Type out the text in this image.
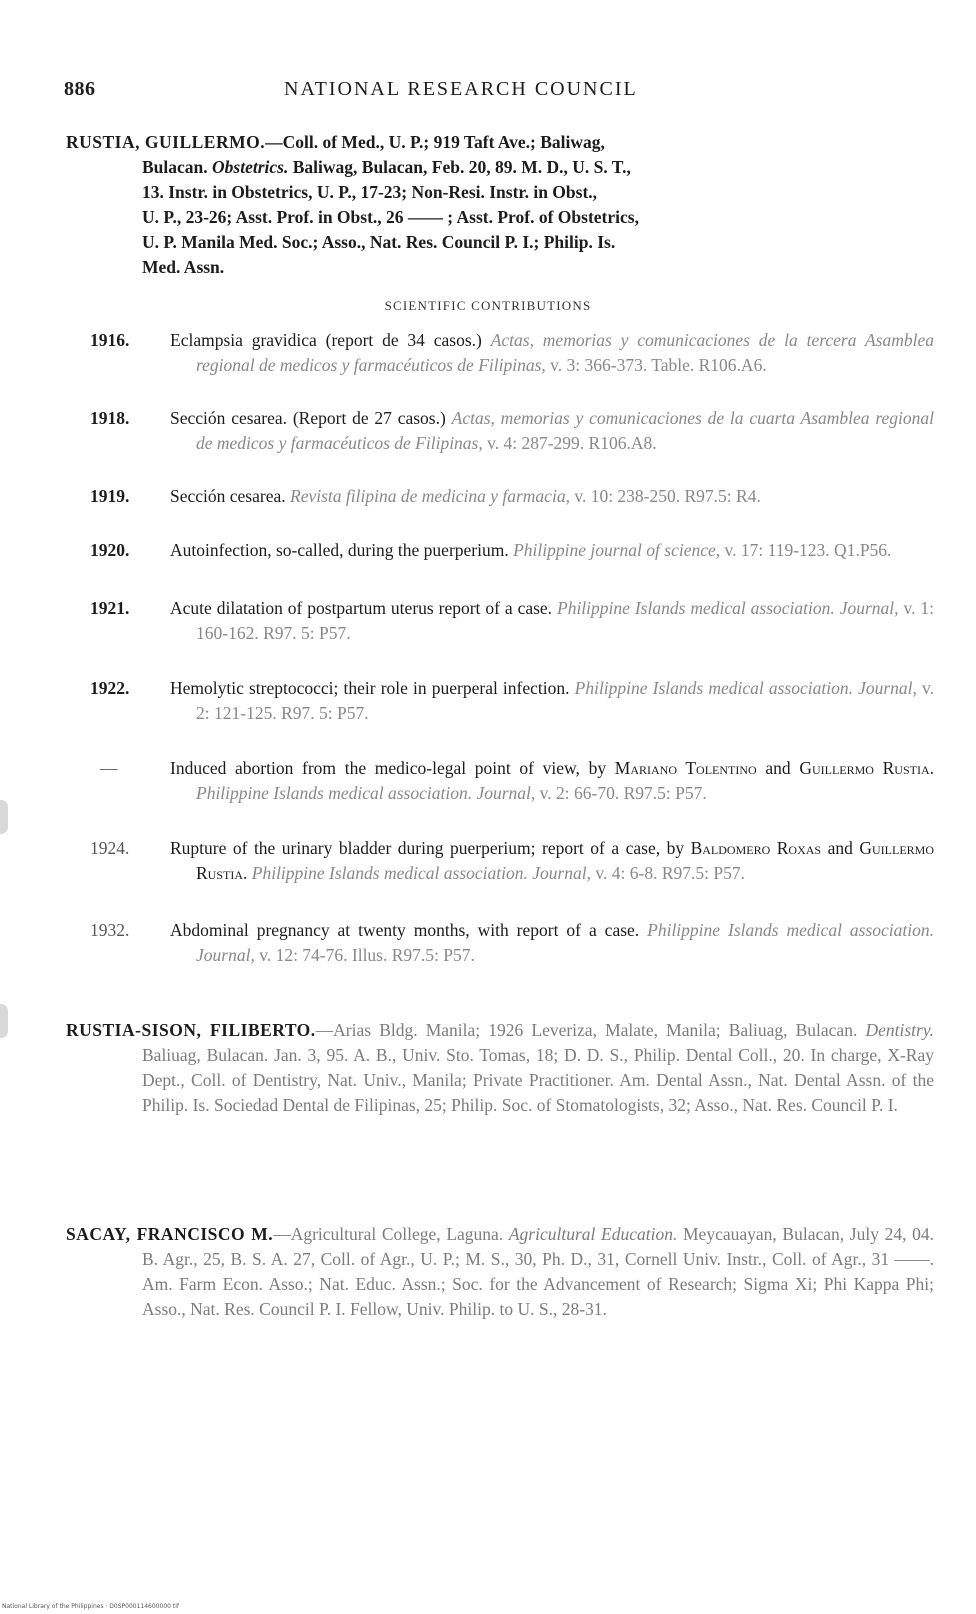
886	NATIONAL RESEARCH COUNCIL
RUSTIA, GUILLERMO.—Coll. of Med., U. P.; 919 Taft Ave.; Baliwag,
Bulacan. Obstetrics. Baliwag, Bulacan, Feb. 20, 89. M. D., U. S. T.,
13. Instr. in Obstetrics, U. P., 17-23; Non-Resi. Instr. in Obst.,
U. P., 23-26; Asst. Prof. in Obst., 26 —— ; Asst. Prof. of Obstetrics,
U. P. Manila Med. Soc.; Asso., Nat. Res. Council P. I.; Philip. Is.
Med. Assn.
SCIENTIFIC CONTRIBUTIONS
1916.	Eclampsia gravidica (report de 34 casos.) Actas, memorias y comunicaciones de la tercera Asamblea regional de medicos y farmacéuticos de Filipinas, v. 3: 366-373. Table. R106.A6.
1918.	Sección cesarea. (Report de 27 casos.) Actas, memorias y comunicaciones de la cuarta Asamblea regional de medicos y farmacéuticos de Filipinas, v. 4: 287-299. R106.A8.
1919.	Sección cesarea. Revista filipina de medicina y farmacia, v. 10: 238-250. R97.5: R4.
1920.	Autoinfection, so-called, during the puerperium. Philippine journal of science, v. 17: 119-123. Q1.P56.
1921.	Acute dilatation of postpartum uterus report of a case. Philippine Islands medical association. Journal, v. 1: 160-162. R97. 5: P57.
1922.	Hemolytic streptococci; their role in puerperal infection. Philippine Islands medical association. Journal, v. 2: 121-125. R97. 5: P57.
—	Induced abortion from the medico-legal point of view, by Mariano Tolentino and Guillermo Rustia. Philippine Islands medical association. Journal, v. 2: 66-70. R97.5: P57.
1924.	Rupture of the urinary bladder during puerperium; report of a case, by Baldomero Roxas and Guillermo Rustia. Philippine Islands medical association. Journal, v. 4: 6-8. R97.5: P57.
1932.	Abdominal pregnancy at twenty months, with report of a case. Philippine Islands medical association. Journal, v. 12: 74-76. Illus. R97.5: P57.
RUSTIA-SISON, FILIBERTO.—Arias Bldg. Manila; 1926 Leveriza, Malate, Manila; Baliuag, Bulacan. Dentistry. Baliuag, Bulacan. Jan. 3, 95. A. B., Univ. Sto. Tomas, 18; D. D. S., Philip. Dental Coll., 20. In charge, X-Ray Dept., Coll. of Dentistry, Nat. Univ., Manila; Private Practitioner. Am. Dental Assn., Nat. Dental Assn. of the Philip. Is. Sociedad Dental de Filipinas, 25; Philip. Soc. of Stomatologists, 32; Asso., Nat. Res. Council P. I.
SACAY, FRANCISCO M.—Agricultural College, Laguna. Agricultural Education. Meycauayan, Bulacan, July 24, 04. B. Agr., 25, B. S. A. 27, Coll. of Agr., U. P.; M. S., 30, Ph. D., 31, Cornell Univ. Instr., Coll. of Agr., 31 ——. Am. Farm Econ. Asso.; Nat. Educ. Assn.; Soc. for the Advancement of Research; Sigma Xi; Phi Kappa Phi; Asso., Nat. Res. Council P. I. Fellow, Univ. Philip. to U. S., 28-31.
National Library of the Philippines · D0SP000114600000 tif
